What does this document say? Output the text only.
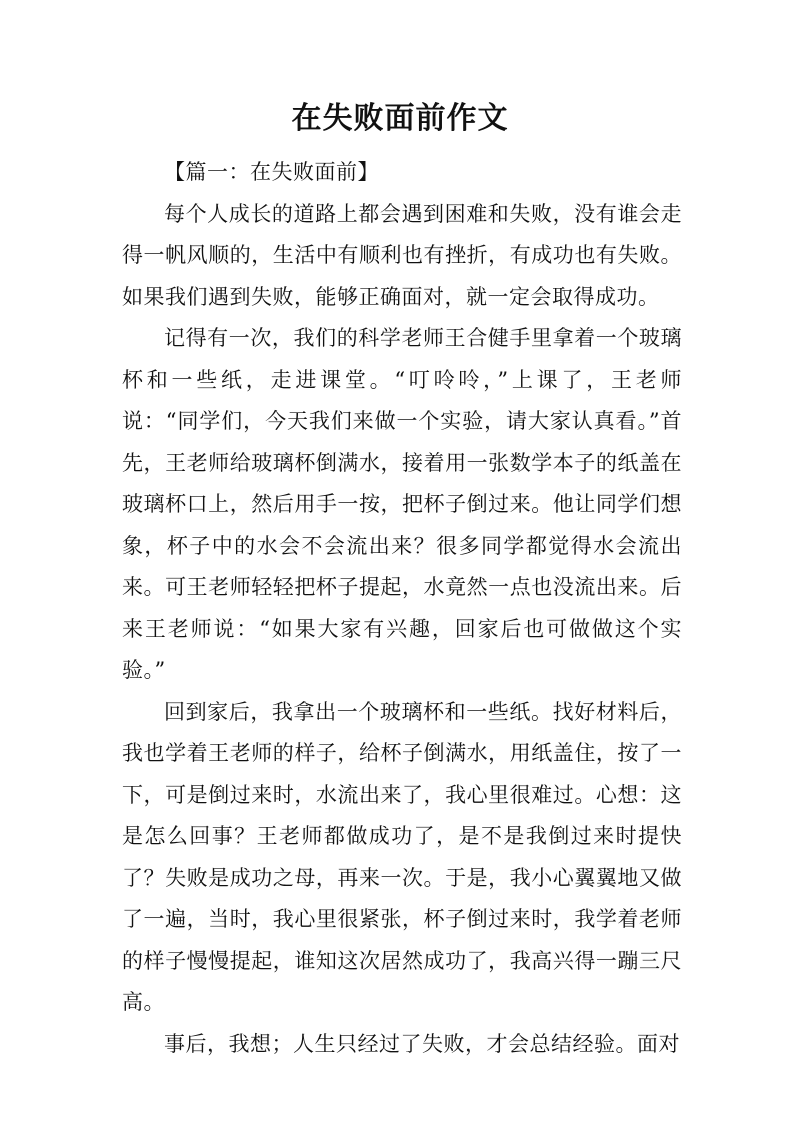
在失败面前作文

【篇一：在失败面前】

每个人成长的道路上都会遇到困难和失败，没有谁会走得一帆风顺的，生活中有顺利也有挫折，有成功也有失败。如果我们遇到失败，能够正确面对，就一定会取得成功。

记得有一次，我们的科学老师王合健手里拿着一个玻璃杯和一些纸，走进课堂。“叮呤呤，”上课了，王老师说：“同学们，今天我们来做一个实验，请大家认真看。”首先，王老师给玻璃杯倒满水，接着用一张数学本子的纸盖在玻璃杯口上，然后用手一按，把杯子倒过来。他让同学们想象，杯子中的水会不会流出来？很多同学都觉得水会流出来。可王老师轻轻把杯子提起，水竟然一点也没流出来。后来王老师说：“如果大家有兴趣，回家后也可做做这个实验。”

回到家后，我拿出一个玻璃杯和一些纸。找好材料后，我也学着王老师的样子，给杯子倒满水，用纸盖住，按了一下，可是倒过来时，水流出来了，我心里很难过。心想：这是怎么回事？王老师都做成功了，是不是我倒过来时提快了？失败是成功之母，再来一次。于是，我小心翼翼地又做了一遍，当时，我心里很紧张，杯子倒过来时，我学着老师的样子慢慢提起，谁知这次居然成功了，我高兴得一蹦三尺高。

事后，我想；人生只经过了失败，才会总结经验。面对
